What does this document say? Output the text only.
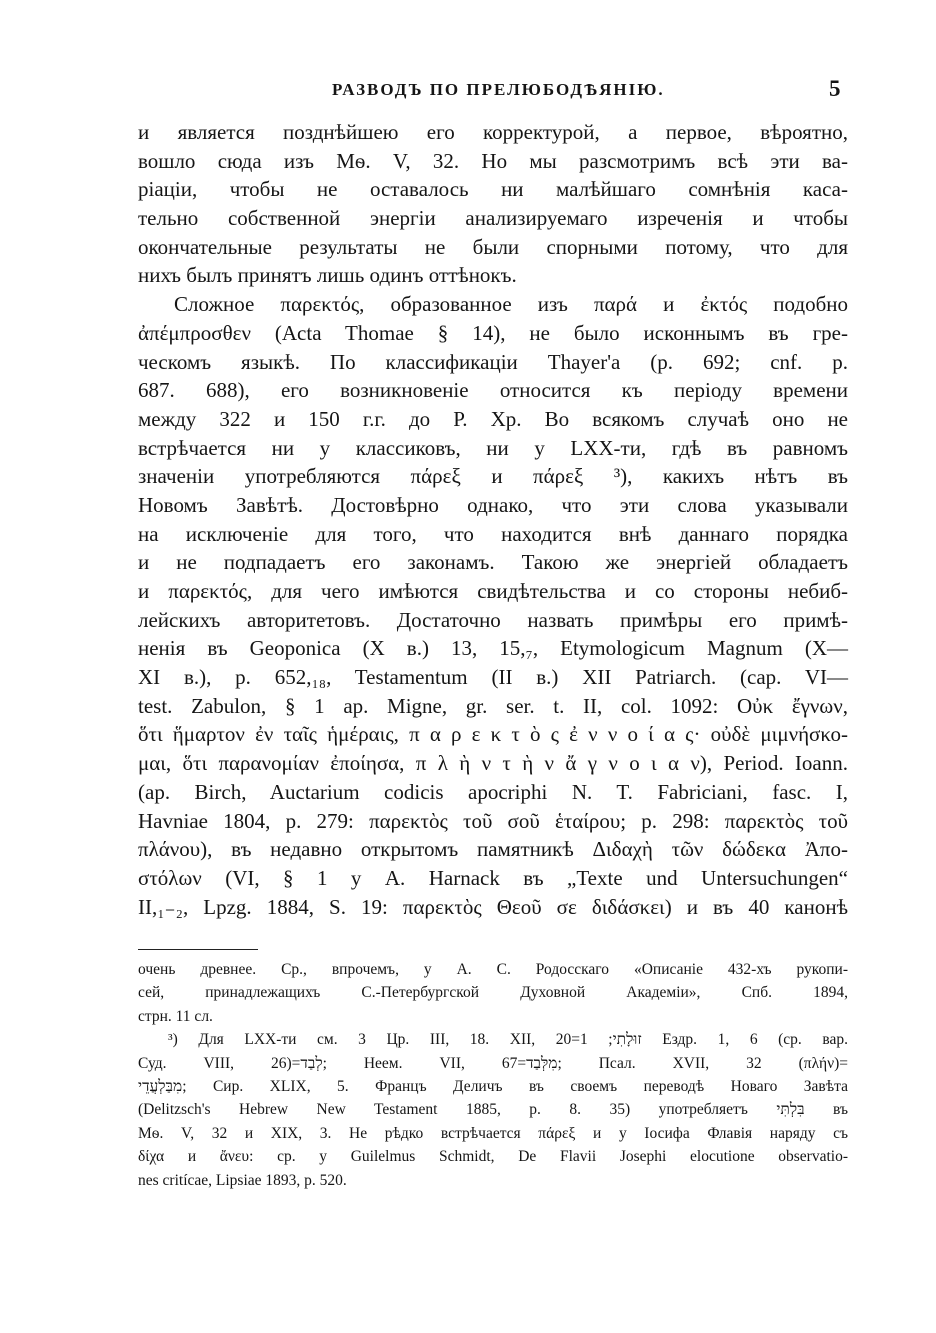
РАЗВОДЪ ПО ПРЕЛЮБОДѢЯНІЮ.	5
и является позднѣйшею его корректурой, а первое, вѣроятно,
вошло сюда изъ Мѳ. V, 32. Но мы разсмотримъ всѣ эти ва-
ріаціи, чтобы не оставалось ни малѣйшаго сомнѣнія каса-
тельно собственной энергіи анализируемаго изреченія и чтобы
окончательные результаты не были спорными потому, что для
нихъ былъ принятъ лишь одинъ оттѣнокъ.
Сложное παρεκτός, образованное изъ παρά и ἐκτός подобно
ἀπέμπροσθεν (Acta Thomae § 14), не было исконнымъ въ гре-
ческомъ языкѣ. По классификаціи Thayer'a (p. 692; cnf. p.
687. 688), его возникновеніе относится къ періоду времени
между 322 и 150 г.г. до Р. Хр. Во всякомъ случаѣ оно не
встрѣчается ни у классиковъ, ни у LXX-ти, гдѣ въ равномъ
значеніи употребляются πάρεξ и πάρεξ ³), какихъ нѣтъ въ
Новомъ Завѣтѣ. Достовѣрно однако, что эти слова указывали
на исключеніе для того, что находится внѣ даннаго порядка
и не подпадаетъ его законамъ. Такою же энергіей обладаетъ
и παρεκτός, для чего имѣются свидѣтельства и со стороны небиб-
лейскихъ авторитетовъ. Достаточно назвать примѣры его примѣ-
ненія въ Geoponica (X в.) 13, 15,₇, Etymologicum Magnum (X—
XI в.), p. 652,₁₈, Testamentum (II в.) XII Patriarch. (cap. VI—
test. Zabulon, § 1 ap. Migne, gr. ser. t. II, col. 1092: Οὐκ ἔγνων,
ὅτι ἥμαρτον ἐν ταῖς ἡμέραις, π α ρ ε κ τ ὸ ς ἐ ν ν ο ί α ς· οὐδὲ μιμνήσκο-
μαι, ὅτι παρανομίαν ἐποίησα, π λ ὴ ν τ ὴ ν ἄ γ ν ο ι α ν), Period. Ioann.
(ap. Birch, Auctarium codicis apocriphi N. T. Fabriciani, fasc. I,
Havniae 1804, p. 279: παρεκτὸς τοῦ σοῦ ἑταίρου; p. 298: παρεκτὸς τοῦ
πλάνου), въ недавно открытомъ памятникѣ Διδαχὴ τῶν δώδεκα Ἀπο-
στόλων (VI, § 1 у А. Harnack въ „Texte und Untersuchungen“
II,₁₋₂, Lpzg. 1884, S. 19: παρεκτὸς Θεοῦ σε διδάσκει) и въ 40 канонѣ
очень древнее. Ср., впрочемъ, у А. С. Родосскаго «Описаніе 432-хъ рукопи-
сей, принадлежащихъ С.-Петербургской Духовной Академіи», Спб. 1894,
стрн. 11 сл.
³) Для LXX-ти см. 3 Цр. III, 18. XII, 20=זוּלָתִי; 1 Ездр. 1, 6 (ср. вар.
Суд. VIII, 26)=לְבַד; Неем. VII, 67=מִלְּבַד; Псал. XVII, 32 (πλήν)=
מִבַּלְעֲדֵי; Сир. XLIX, 5. Францъ Деличъ въ своемъ переводѣ Новаго Завѣта
(Delitzsch's Hebrew New Testament 1885, p. 8. 35) употребляетъ בִּלְתִּי въ
Мѳ. V, 32 и XIX, 3. Не рѣдко встрѣчается πάρεξ и у Іосифа Флавія наряду съ
δίχα и ἄνευ: ср. у Guilelmus Schmidt, De Flavii Josephi elocutione observatio-
nes critícae, Lipsiae 1893, p. 520.
